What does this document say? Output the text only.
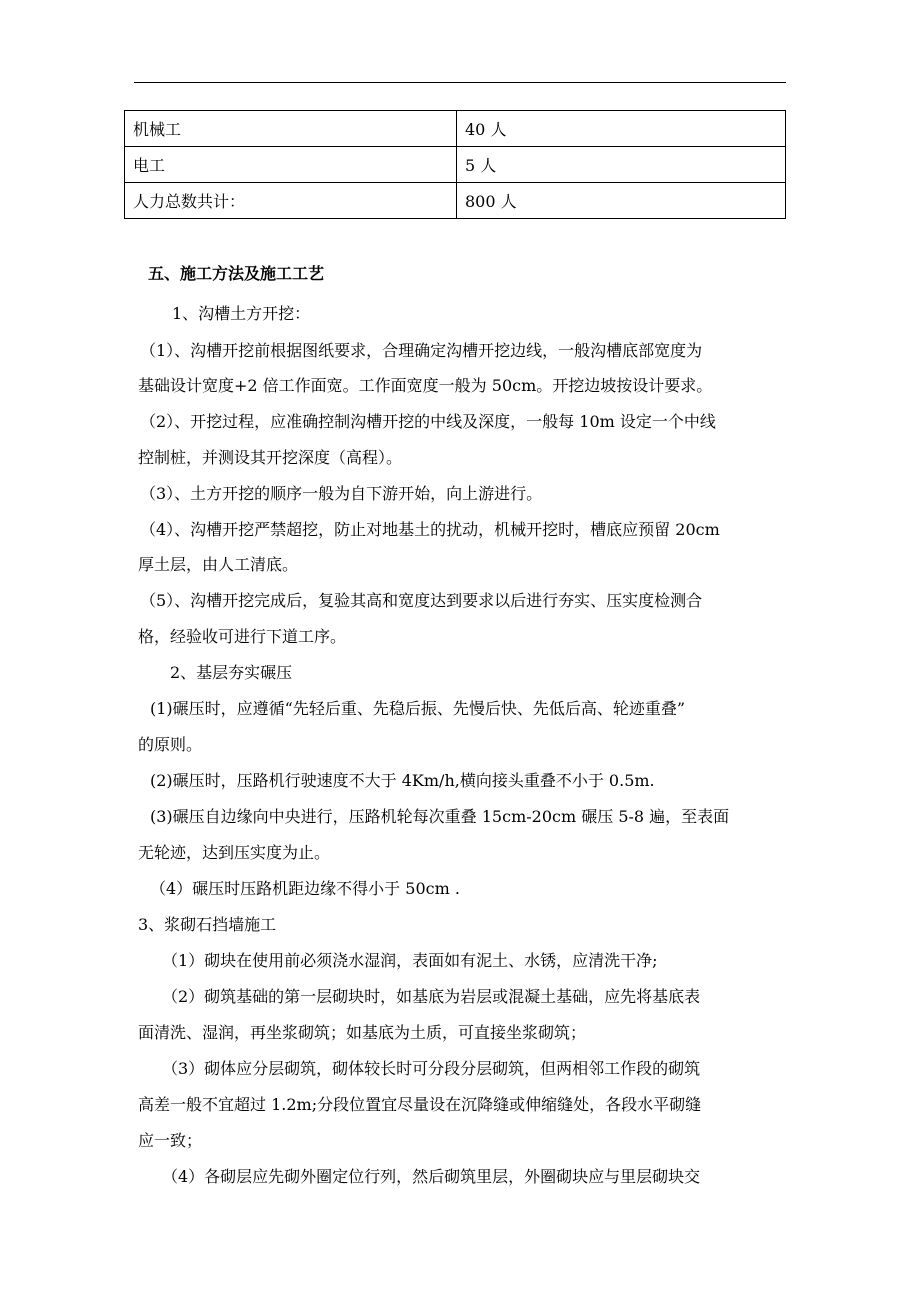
机械工	40 人
电工	5 人
人力总数共计：	800 人
五、施工方法及施工工艺
1、沟槽土方开挖：
（1）、沟槽开挖前根据图纸要求，合理确定沟槽开挖边线，一般沟槽底部宽度为
基础设计宽度+2 倍工作面宽。工作面宽度一般为 50cm。开挖边坡按设计要求。
（2）、开挖过程，应准确控制沟槽开挖的中线及深度，一般每 10m 设定一个中线
控制桩，并测设其开挖深度（高程）。
（3）、土方开挖的顺序一般为自下游开始，向上游进行。
（4）、沟槽开挖严禁超挖，防止对地基土的扰动，机械开挖时，槽底应预留 20cm
厚土层，由人工清底。
（5）、沟槽开挖完成后，复验其高和宽度达到要求以后进行夯实、压实度检测合
格，经验收可进行下道工序。
2、基层夯实碾压
(1)碾压时，应遵循“先轻后重、先稳后振、先慢后快、先低后高、轮迹重叠”
的原则。
(2)碾压时，压路机行驶速度不大于 4Km/h,横向接头重叠不小于 0.5m.
(3)碾压自边缘向中央进行，压路机轮每次重叠 15cm-20cm 碾压 5-8 遍，至表面
无轮迹，达到压实度为止。
（4）碾压时压路机距边缘不得小于 50cm .
3、浆砌石挡墙施工
（1）砌块在使用前必须浇水湿润，表面如有泥土、水锈，应清洗干净;
（2）砌筑基础的第一层砌块时，如基底为岩层或混凝土基础，应先将基底表
面清洗、湿润，再坐浆砌筑；如基底为土质，可直接坐浆砌筑；
（3）砌体应分层砌筑，砌体较长时可分段分层砌筑，但两相邻工作段的砌筑
高差一般不宜超过 1.2m;分段位置宜尽量设在沉降缝或伸缩缝处，各段水平砌缝
应一致；
（4）各砌层应先砌外圈定位行列，然后砌筑里层，外圈砌块应与里层砌块交
